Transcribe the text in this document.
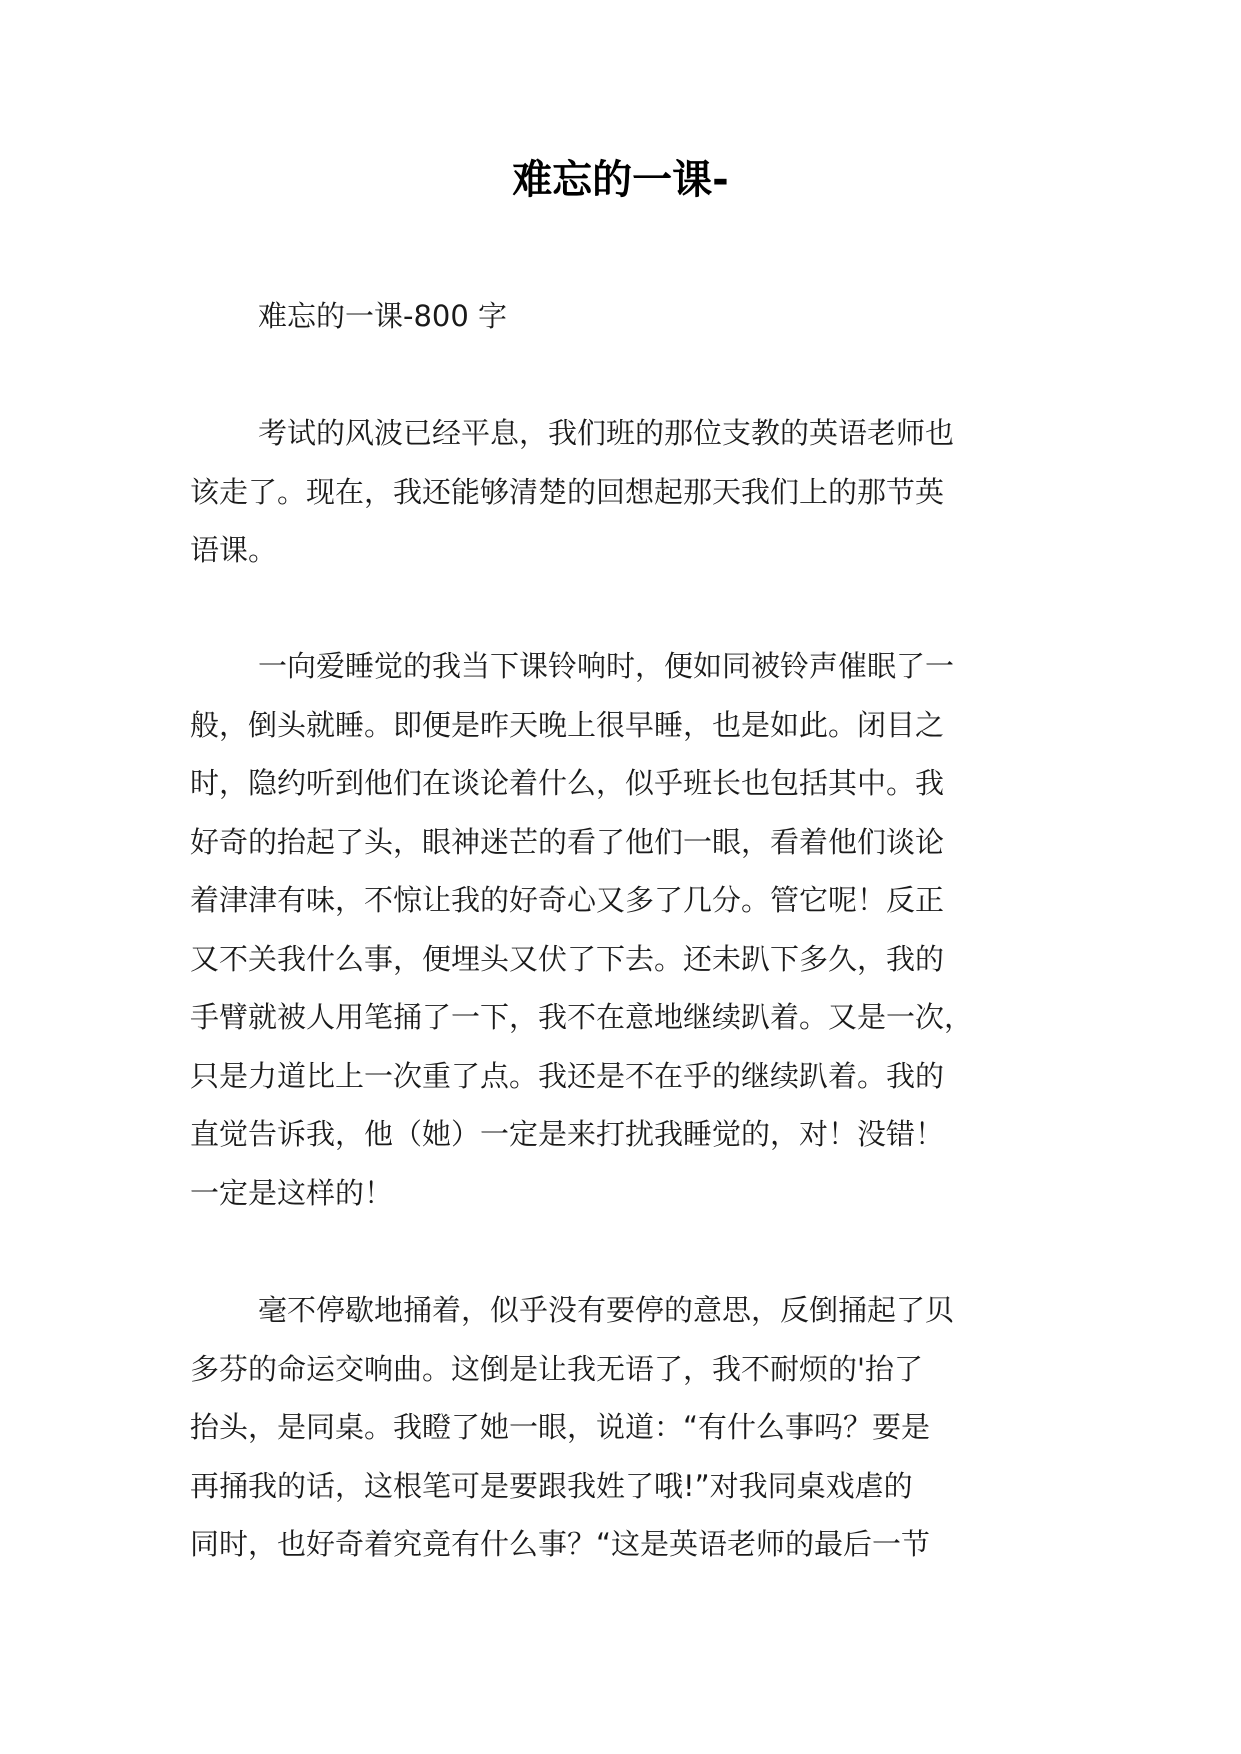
难忘的一课-
难忘的一课-800 字
考试的风波已经平息，我们班的那位支教的英语老师也
该走了。现在，我还能够清楚的回想起那天我们上的那节英
语课。
一向爱睡觉的我当下课铃响时，便如同被铃声催眠了一
般，倒头就睡。即便是昨天晚上很早睡，也是如此。闭目之
时，隐约听到他们在谈论着什么，似乎班长也包括其中。我
好奇的抬起了头，眼神迷芒的看了他们一眼，看着他们谈论
着津津有味，不惊让我的好奇心又多了几分。管它呢！反正
又不关我什么事，便埋头又伏了下去。还未趴下多久，我的
手臂就被人用笔捅了一下，我不在意地继续趴着。又是一次，
只是力道比上一次重了点。我还是不在乎的继续趴着。我的
直觉告诉我，他（她）一定是来打扰我睡觉的，对！没错！
一定是这样的！
毫不停歇地捅着，似乎没有要停的意思，反倒捅起了贝
多芬的命运交响曲。这倒是让我无语了，我不耐烦的'抬了
抬头，是同桌。我瞪了她一眼，说道：“有什么事吗？要是
再捅我的话，这根笔可是要跟我姓了哦!”对我同桌戏虐的
同时，也好奇着究竟有什么事？“这是英语老师的最后一节
